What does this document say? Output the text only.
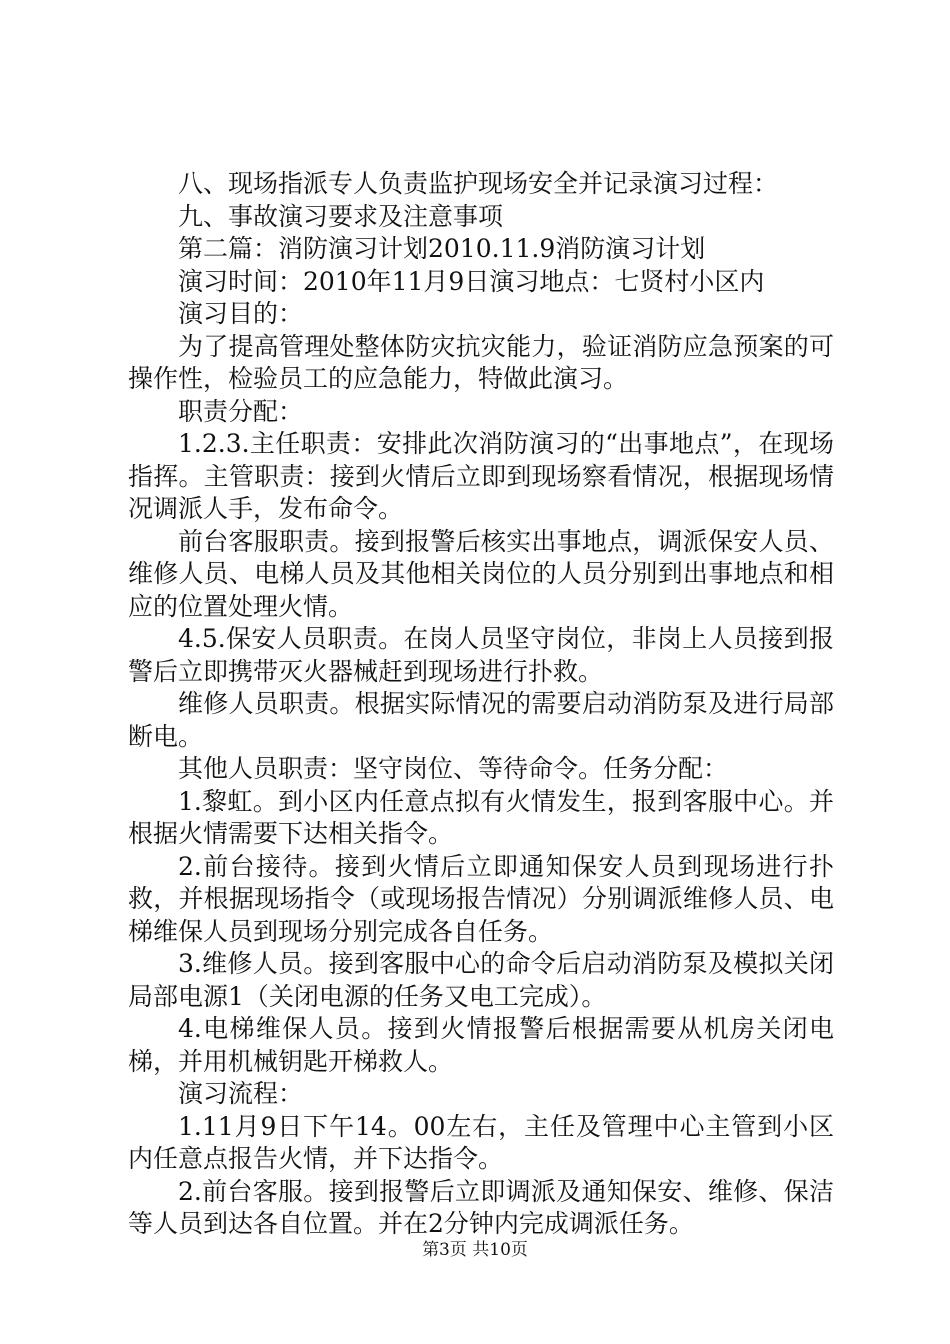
八、现场指派专人负责监护现场安全并记录演习过程：

九、事故演习要求及注意事项

第二篇：消防演习计划2010.11.9消防演习计划

演习时间：2010年11月9日演习地点：七贤村小区内

演习目的：

为了提高管理处整体防灾抗灾能力，验证消防应急预案的可操作性，检验员工的应急能力，特做此演习。

职责分配：

1.2.3.主任职责：安排此次消防演习的“出事地点”，在现场指挥。主管职责：接到火情后立即到现场察看情况，根据现场情况调派人手，发布命令。

前台客服职责。接到报警后核实出事地点，调派保安人员、维修人员、电梯人员及其他相关岗位的人员分别到出事地点和相应的位置处理火情。

4.5.保安人员职责。在岗人员坚守岗位，非岗上人员接到报警后立即携带灭火器械赶到现场进行扑救。

维修人员职责。根据实际情况的需要启动消防泵及进行局部断电。

其他人员职责：坚守岗位、等待命令。任务分配：

1.黎虹。到小区内任意点拟有火情发生，报到客服中心。并根据火情需要下达相关指令。

2.前台接待。接到火情后立即通知保安人员到现场进行扑救，并根据现场指令（或现场报告情况）分别调派维修人员、电梯维保人员到现场分别完成各自任务。

3.维修人员。接到客服中心的命令后启动消防泵及模拟关闭局部电源1（关闭电源的任务又电工完成）。

4.电梯维保人员。接到火情报警后根据需要从机房关闭电梯，并用机械钥匙开梯救人。

演习流程：

1.11月9日下午14。00左右，主任及管理中心主管到小区内任意点报告火情，并下达指令。

2.前台客服。接到报警后立即调派及通知保安、维修、保洁等人员到达各自位置。并在2分钟内完成调派任务。

第3页 共10页
